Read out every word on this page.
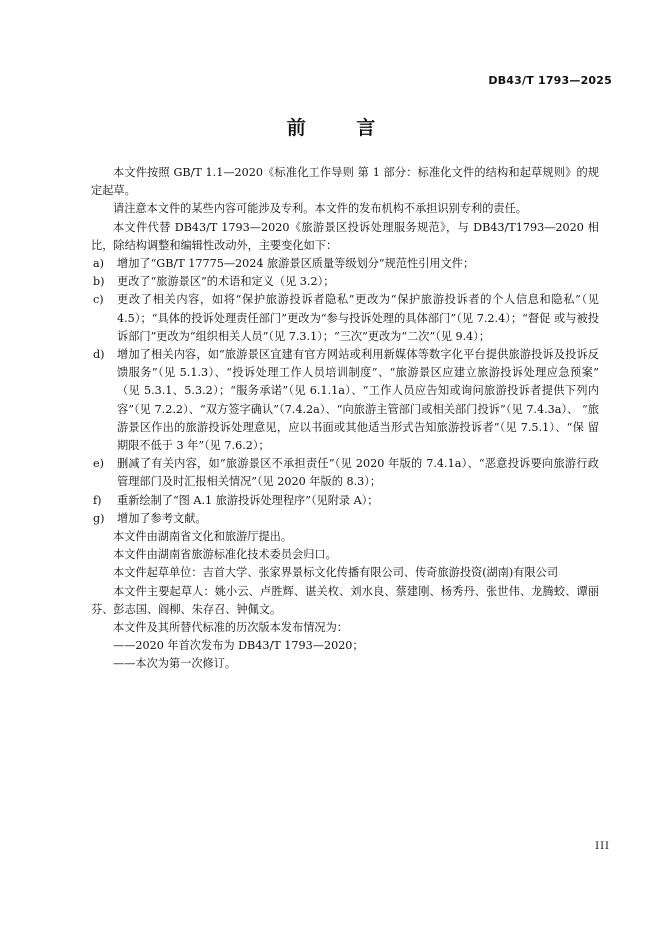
DB43/T 1793—2025
前 言

本文件按照 GB/T 1.1—2020《标准化工作导则 第 1 部分：标准化文件的结构和起草规则》的规定起草。

请注意本文件的某些内容可能涉及专利。本文件的发布机构不承担识别专利的责任。

本文件代替 DB43/T 1793—2020《旅游景区投诉处理服务规范》，与 DB43/T1793—2020 相比，除结构调整和编辑性改动外，主要变化如下：

a)	增加了“GB/T 17775—2024 旅游景区质量等级划分”规范性引用文件；
b)	更改了“旅游景区”的术语和定义（见 3.2）；
c)	更改了相关内容，如将“保护旅游投诉者隐私”更改为“保护旅游投诉者的个人信息和隐私”（见 4.5）；“具体的投诉处理责任部门”更改为“参与投诉处理的具体部门”（见 7.2.4）；“督促 或与被投诉部门”更改为“组织相关人员”（见 7.3.1）；“三次”更改为“二次”（见 9.4）；
d)	增加了相关内容，如“旅游景区宜建有官方网站或利用新媒体等数字化平台提供旅游投诉及投诉反馈服务”（见 5.1.3）、“投诉处理工作人员培训制度”、“旅游景区应建立旅游投诉处理应急预案” （见 5.3.1、5.3.2）；“服务承诺”（见 6.1.1a）、“工作人员应告知或询问旅游投诉者提供下列内 容”（见 7.2.2）、“双方签字确认”（7.4.2a）、“向旅游主管部门或相关部门投诉”（见 7.4.3a）、 “旅游景区作出的旅游投诉处理意见，应以书面或其他适当形式告知旅游投诉者”（见 7.5.1）、“保 留期限不低于 3 年”（见 7.6.2）；
e)	删减了有关内容，如“旅游景区不承担责任”（见 2020 年版的 7.4.1a）、“恶意投诉要向旅游行政管理部门及时汇报相关情况”（见 2020 年版的 8.3）；
f)	重新绘制了“图 A.1 旅游投诉处理程序”（见附录 A）；
g)	增加了参考文献。

本文件由湖南省文化和旅游厅提出。

本文件由湖南省旅游标准化技术委员会归口。

本文件起草单位：吉首大学、张家界景标文化传播有限公司、传奇旅游投资(湖南)有限公司

本文件主要起草人：姚小云、卢胜辉、谌关枚、刘水良、蔡建刚、杨秀丹、张世伟、龙腾蛟、谭丽芬、彭志国、阎柳、朱存召、钟佩文。

本文件及其所替代标准的历次版本发布情况为：

——2020 年首次发布为 DB43/T 1793—2020；

——本次为第一次修订。

III
